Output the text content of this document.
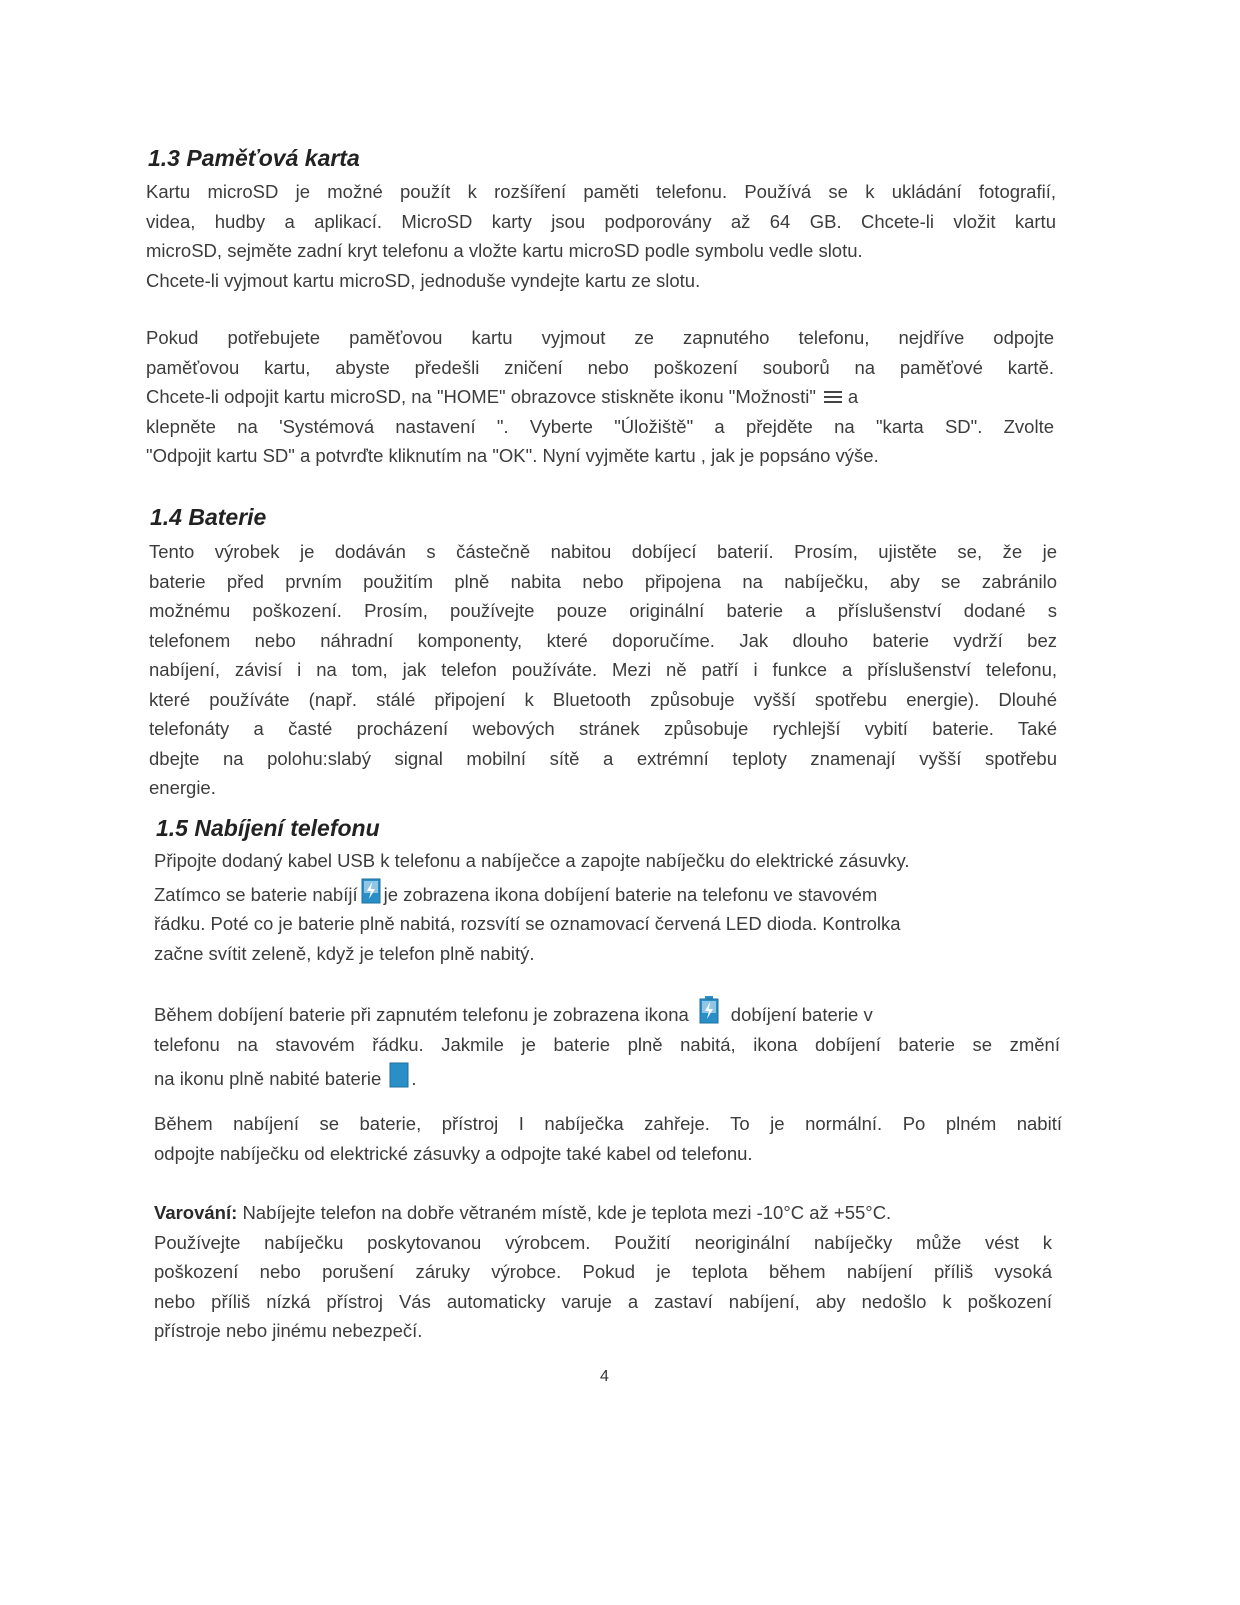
1.3 Paměťová karta
Kartu microSD je možné použít k rozšíření paměti telefonu. Používá se k ukládání fotografií,
videa, hudby a aplikací. MicroSD karty jsou podporovány až 64 GB. Chcete-li vložit kartu
microSD, sejměte zadní kryt telefonu a vložte kartu microSD podle symbolu vedle slotu.
Chcete-li vyjmout kartu microSD, jednoduše vyndejte kartu ze slotu.
Pokud potřebujete paměťovou kartu vyjmout ze zapnutého telefonu, nejdříve odpojte
paměťovou kartu, abyste předešli zničení nebo poškození souborů na paměťové kartě.
Chcete-li odpojit kartu microSD, na "HOME" obrazovce stiskněte ikonu "Možnosti" a
klepněte na 'Systémová nastavení ". Vyberte "Úložiště" a přejděte na "karta SD". Zvolte
"Odpojit kartu SD" a potvrďte kliknutím na "OK". Nyní vyjměte kartu , jak je popsáno výše.
1.4 Baterie
Tento výrobek je dodáván s částečně nabitou dobíjecí baterií. Prosím, ujistěte se, že je
baterie před prvním použitím plně nabita nebo připojena na nabíječku, aby se zabránilo
možnému poškození. Prosím, používejte pouze originální baterie a příslušenství dodané s
telefonem nebo náhradní komponenty, které doporučíme. Jak dlouho baterie vydrží bez
nabíjení, závisí i na tom, jak telefon používáte. Mezi ně patří i funkce a příslušenství telefonu,
které používáte (např. stálé připojení k Bluetooth způsobuje vyšší spotřebu energie). Dlouhé
telefonáty a časté procházení webových stránek způsobuje rychlejší vybití baterie. Také
dbejte na polohu:slabý signal mobilní sítě a extrémní teploty znamenají vyšší spotřebu
energie.
1.5 Nabíjení telefonu
Připojte dodaný kabel USB k telefonu a nabíječce a zapojte nabíječku do elektrické zásuvky.
Zatímco se baterie nabíjí je zobrazena ikona dobíjení baterie na telefonu ve stavovém
řádku. Poté co je baterie plně nabitá, rozsvítí se oznamovací červená LED dioda. Kontrolka
začne svítit zeleně, když je telefon plně nabitý.
Během dobíjení baterie při zapnutém telefonu je zobrazena ikona dobíjení baterie v
telefonu na stavovém řádku. Jakmile je baterie plně nabitá, ikona dobíjení baterie se změní
na ikonu plně nabité baterie .
Během nabíjení se baterie, přístroj I nabíječka zahřeje. To je normální. Po plném nabití
odpojte nabíječku od elektrické zásuvky a odpojte také kabel od telefonu.
Varování: Nabíjejte telefon na dobře větraném místě, kde je teplota mezi -10°C až +55°C.
Používejte nabíječku poskytovanou výrobcem. Použití neoriginální nabíječky může vést k
poškození nebo porušení záruky výrobce. Pokud je teplota během nabíjení příliš vysoká
nebo příliš nízká přístroj Vás automaticky varuje a zastaví nabíjení, aby nedošlo k poškození
přístroje nebo jinému nebezpečí.
4
